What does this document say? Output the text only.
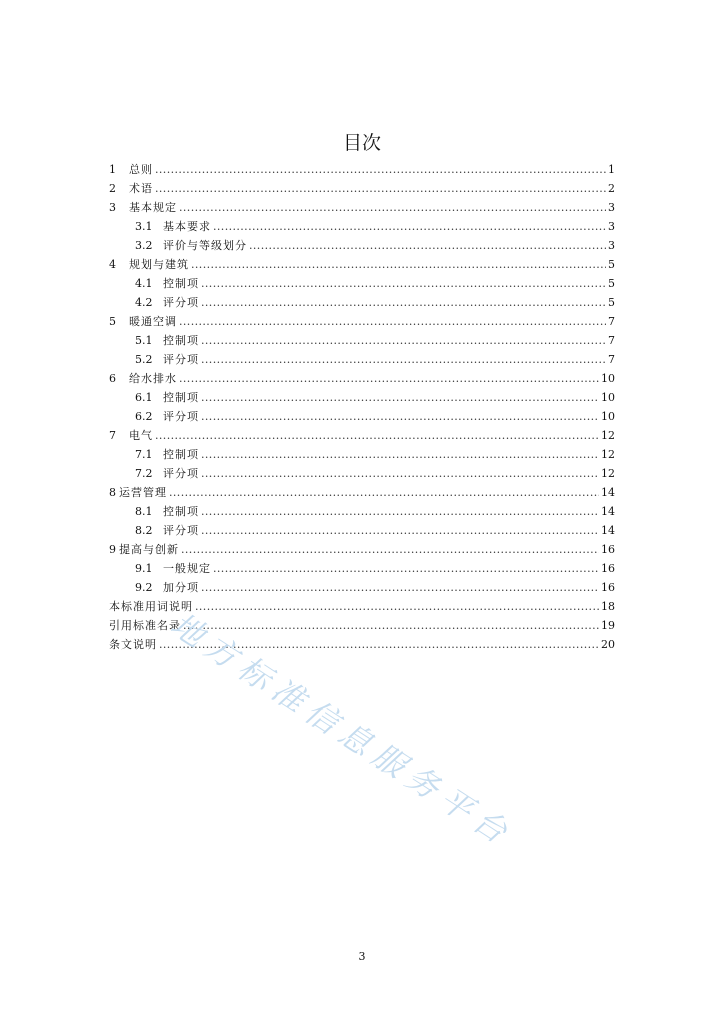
目次
1	总则 .....	1
2	术语 .....	2
3	基本规定 .....	3
3.1 基本要求 .....	3
3.2 评价与等级划分 .....	3
4	规划与建筑 .....	5
4.1 控制项 .....	5
4.2 评分项 .....	5
5	暖通空调 .....	7
5.1 控制项 .....	7
5.2 评分项 .....	7
6	给水排水 .....	10
6.1 控制项 .....	10
6.2 评分项 .....	10
7	电气 .....	12
7.1 控制项 .....	12
7.2 评分项 .....	12
8 运营管理 .....	14
8.1 控制项 .....	14
8.2 评分项 .....	14
9 提高与创新 .....	16
9.1 一般规定 .....	16
9.2 加分项 .....	16
本标准用词说明 .....	18
引用标准名录 .....	19
条文说明 .....	20
地方标准信息服务平台
3
